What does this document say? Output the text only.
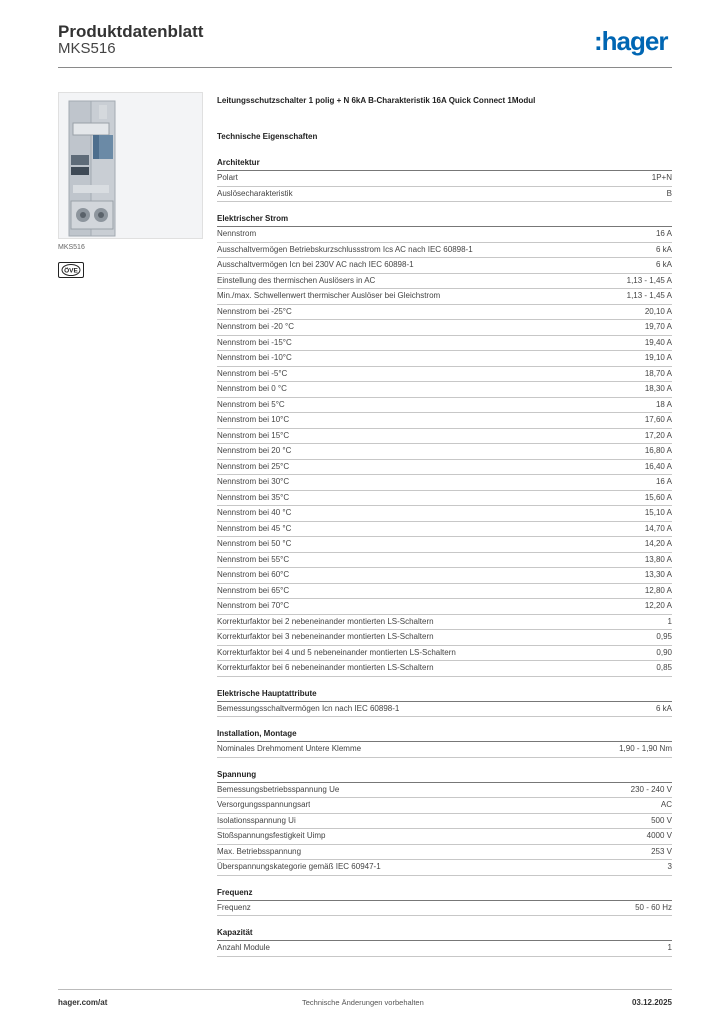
Produktdatenblatt
MKS516	:hager
MKS516
ÖVE
Leitungsschutzschalter 1 polig + N 6kA B-Charakteristik 16A Quick Connect 1Modul
Technische Eigenschaften
Architektur
Polart	1P+N
Auslösecharakteristik	B
Elektrischer Strom
Nennstrom	16 A
Ausschaltvermögen Betriebskurzschlussstrom Ics AC nach IEC 60898-1	6 kA
Ausschaltvermögen Icn bei 230V AC nach IEC 60898-1	6 kA
Einstellung des thermischen Auslösers in AC	1,13 - 1,45 A
Min./max. Schwellenwert thermischer Auslöser bei Gleichstrom	1,13 - 1,45 A
Nennstrom bei -25°C	20,10 A
Nennstrom bei -20 °C	19,70 A
Nennstrom bei -15°C	19,40 A
Nennstrom bei -10°C	19,10 A
Nennstrom bei -5°C	18,70 A
Nennstrom bei 0 °C	18,30 A
Nennstrom bei 5°C	18 A
Nennstrom bei 10°C	17,60 A
Nennstrom bei 15°C	17,20 A
Nennstrom bei 20 °C	16,80 A
Nennstrom bei 25°C	16,40 A
Nennstrom bei 30°C	16 A
Nennstrom bei 35°C	15,60 A
Nennstrom bei 40 °C	15,10 A
Nennstrom bei 45 °C	14,70 A
Nennstrom bei 50 °C	14,20 A
Nennstrom bei 55°C	13,80 A
Nennstrom bei 60°C	13,30 A
Nennstrom bei 65°C	12,80 A
Nennstrom bei 70°C	12,20 A
Korrekturfaktor bei 2 nebeneinander montierten LS-Schaltern	1
Korrekturfaktor bei 3 nebeneinander montierten LS-Schaltern	0,95
Korrekturfaktor bei 4 und 5 nebeneinander montierten LS-Schaltern	0,90
Korrekturfaktor bei 6 nebeneinander montierten LS-Schaltern	0,85
Elektrische Hauptattribute
Bemessungsschaltvermögen Icn nach IEC 60898-1	6 kA
Installation, Montage
Nominales Drehmoment Untere Klemme	1,90 - 1,90 Nm
Spannung
Bemessungsbetriebsspannung Ue	230 - 240 V
Versorgungsspannungsart	AC
Isolationsspannung Ui	500 V
Stoßspannungsfestigkeit Uimp	4000 V
Max. Betriebsspannung	253 V
Überspannungskategorie gemäß IEC 60947-1	3
Frequenz
Frequenz	50 - 60 Hz
Kapazität
Anzahl Module	1
hager.com/at	Technische Änderungen vorbehalten	03.12.2025
